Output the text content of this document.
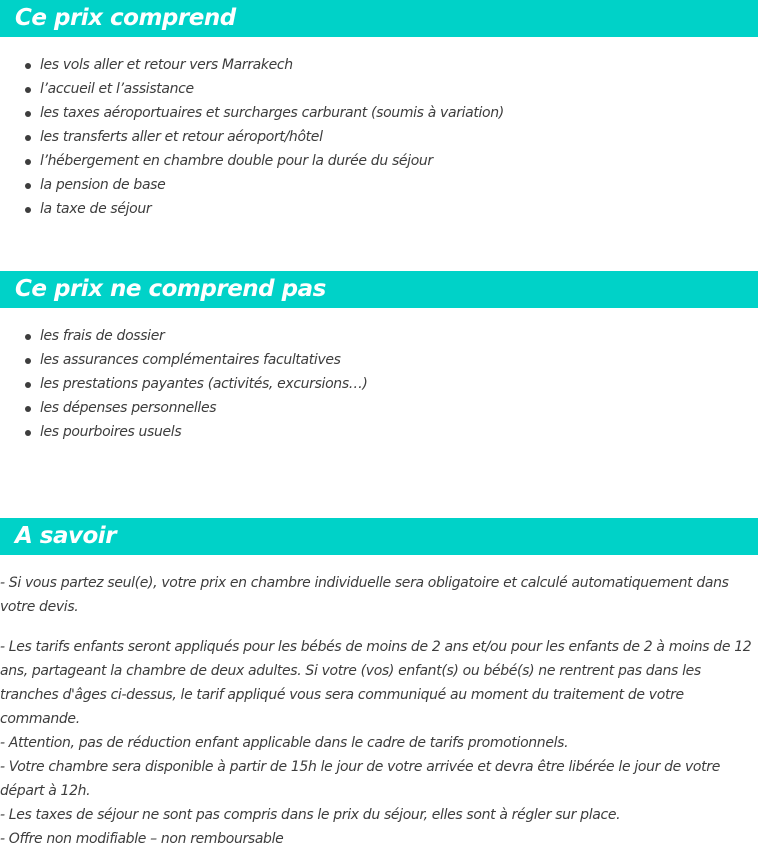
Ce prix comprend
les vols aller et retour vers Marrakech
l’accueil et l’assistance
les taxes aéroportuaires et surcharges carburant (soumis à variation)
les transferts aller et retour aéroport/hôtel
l’hébergement en chambre double pour la durée du séjour
la pension de base
la taxe de séjour
Ce prix ne comprend pas
les frais de dossier
les assurances complémentaires facultatives
les prestations payantes (activités, excursions…)
les dépenses personnelles
les pourboires usuels
A savoir

- Si vous partez seul(e), votre prix en chambre individuelle sera obligatoire et calculé automatiquement dans votre devis.

- Les tarifs enfants seront appliqués pour les bébés de moins de 2 ans et/ou pour les enfants de 2 à moins de 12 ans, partageant la chambre de deux adultes. Si votre (vos) enfant(s) ou bébé(s) ne rentrent pas dans les tranches d'âges ci-dessus, le tarif appliqué vous sera communiqué au moment du traitement de votre commande.

- Attention, pas de réduction enfant applicable dans le cadre de tarifs promotionnels.

- Votre chambre sera disponible à partir de 15h le jour de votre arrivée et devra être libérée le jour de votre départ à 12h.

- Les taxes de séjour ne sont pas compris dans le prix du séjour, elles sont à régler sur place.

- Offre non modifiable – non remboursable
